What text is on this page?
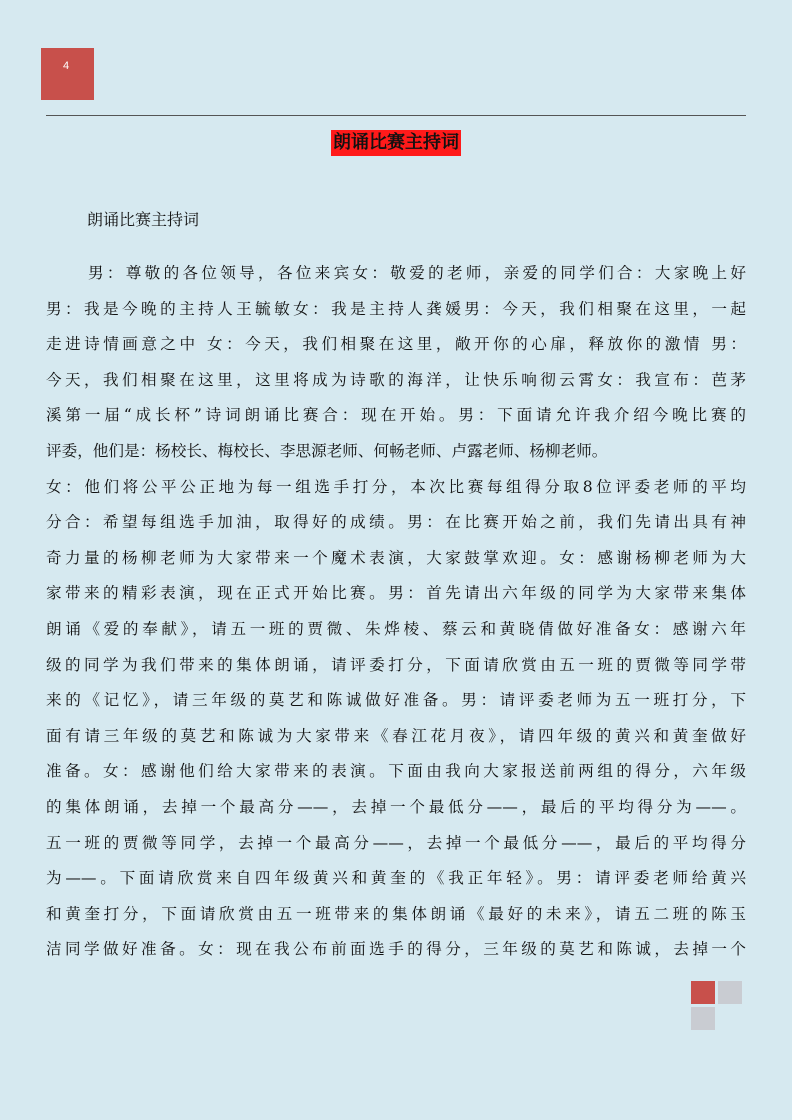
4
朗诵比赛主持词
朗诵比赛主持词
男：尊敬的各位领导，各位来宾女：敬爱的老师，亲爱的同学们合：大家晚上好
男：我是今晚的主持人王毓敏女：我是主持人龚媛男：今天，我们相聚在这里，一起
走进诗情画意之中 女：今天，我们相聚在这里，敞开你的心扉，释放你的激情 男：
今天，我们相聚在这里，这里将成为诗歌的海洋，让快乐响彻云霄女：我宣布：芭茅
溪第一届“成长杯”诗词朗诵比赛合：现在开始。男：下面请允许我介绍今晚比赛的
评委，他们是：杨校长、梅校长、李思源老师、何畅老师、卢露老师、杨柳老师。
女：他们将公平公正地为每一组选手打分，本次比赛每组得分取8位评委老师的平均
分合：希望每组选手加油，取得好的成绩。男：在比赛开始之前，我们先请出具有神
奇力量的杨柳老师为大家带来一个魔术表演，大家鼓掌欢迎。女：感谢杨柳老师为大
家带来的精彩表演，现在正式开始比赛。男：首先请出六年级的同学为大家带来集体
朗诵《爱的奉献》，请五一班的贾微、朱烨棱、蔡云和黄晓倩做好准备女：感谢六年
级的同学为我们带来的集体朗诵，请评委打分，下面请欣赏由五一班的贾微等同学带
来的《记忆》，请三年级的莫艺和陈诚做好准备。男：请评委老师为五一班打分，下
面有请三年级的莫艺和陈诚为大家带来《春江花月夜》，请四年级的黄兴和黄奎做好
准备。女：感谢他们给大家带来的表演。下面由我向大家报送前两组的得分，六年级
的集体朗诵，去掉一个最高分——，去掉一个最低分——，最后的平均得分为——。
五一班的贾微等同学，去掉一个最高分——，去掉一个最低分——，最后的平均得分
为——。下面请欣赏来自四年级黄兴和黄奎的《我正年轻》。男：请评委老师给黄兴
和黄奎打分，下面请欣赏由五一班带来的集体朗诵《最好的未来》，请五二班的陈玉
洁同学做好准备。女：现在我公布前面选手的得分，三年级的莫艺和陈诚，去掉一个
